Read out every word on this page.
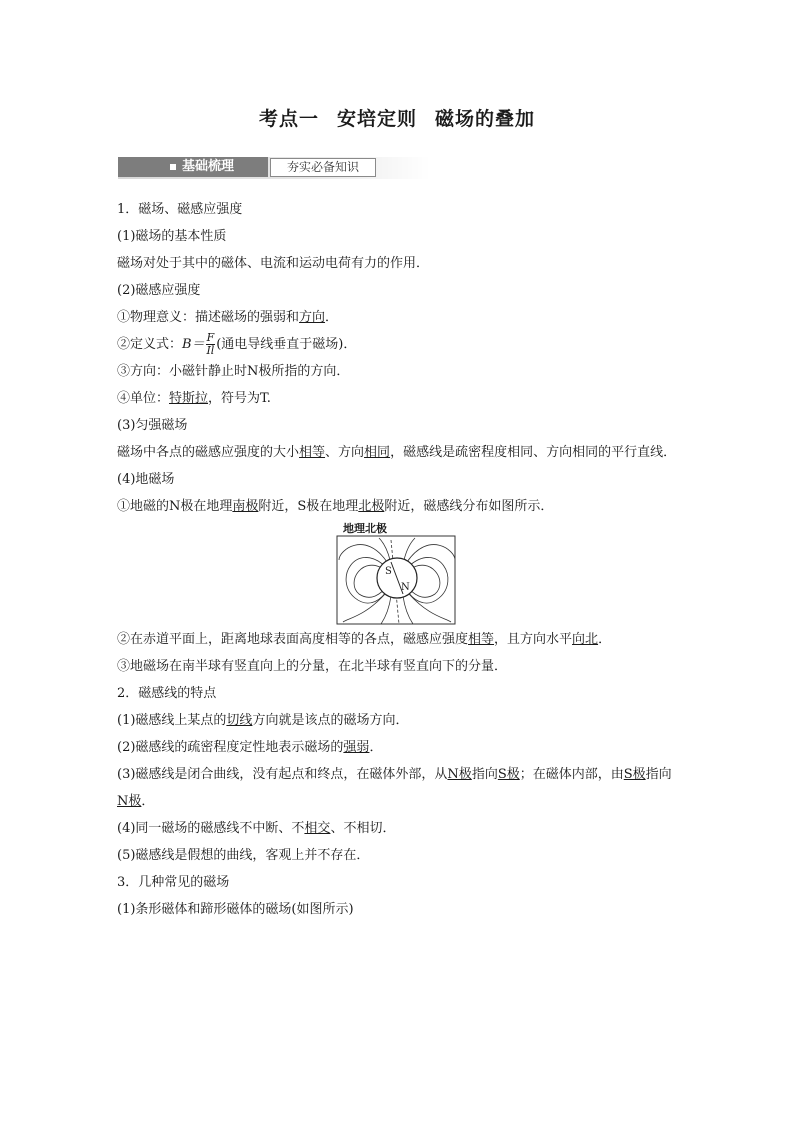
考点一 安培定则 磁场的叠加
基础梳理	夯实必备知识

1．磁场、磁感应强度

(1)磁场的基本性质

磁场对处于其中的磁体、电流和运动电荷有力的作用．

(2)磁感应强度

①物理意义：描述磁场的强弱和方向．

②定义式：$B= \frac{F}{Il}$ (通电导线垂直于磁场)．

③方向：小磁针静止时N极所指的方向．

④单位：特斯拉，符号为T.

(3)匀强磁场

磁场中各点的磁感应强度的大小相等、方向相同，磁感线是疏密程度相同、方向相同的平行直线．

(4)地磁场

①地磁的N极在地理南极附近，S极在地理北极附近，磁感线分布如图所示．

地理北极
S
N

②在赤道平面上，距离地球表面高度相等的各点，磁感应强度相等，且方向水平向北．

③地磁场在南半球有竖直向上的分量，在北半球有竖直向下的分量．

2．磁感线的特点

(1)磁感线上某点的切线方向就是该点的磁场方向．

(2)磁感线的疏密程度定性地表示磁场的强弱．

(3)磁感线是闭合曲线，没有起点和终点，在磁体外部，从N极指向S极；在磁体内部，由S极指向N极．

(4)同一磁场的磁感线不中断、不相交、不相切．

(5)磁感线是假想的曲线，客观上并不存在．

3．几种常见的磁场

(1)条形磁体和蹄形磁体的磁场(如图所示)
